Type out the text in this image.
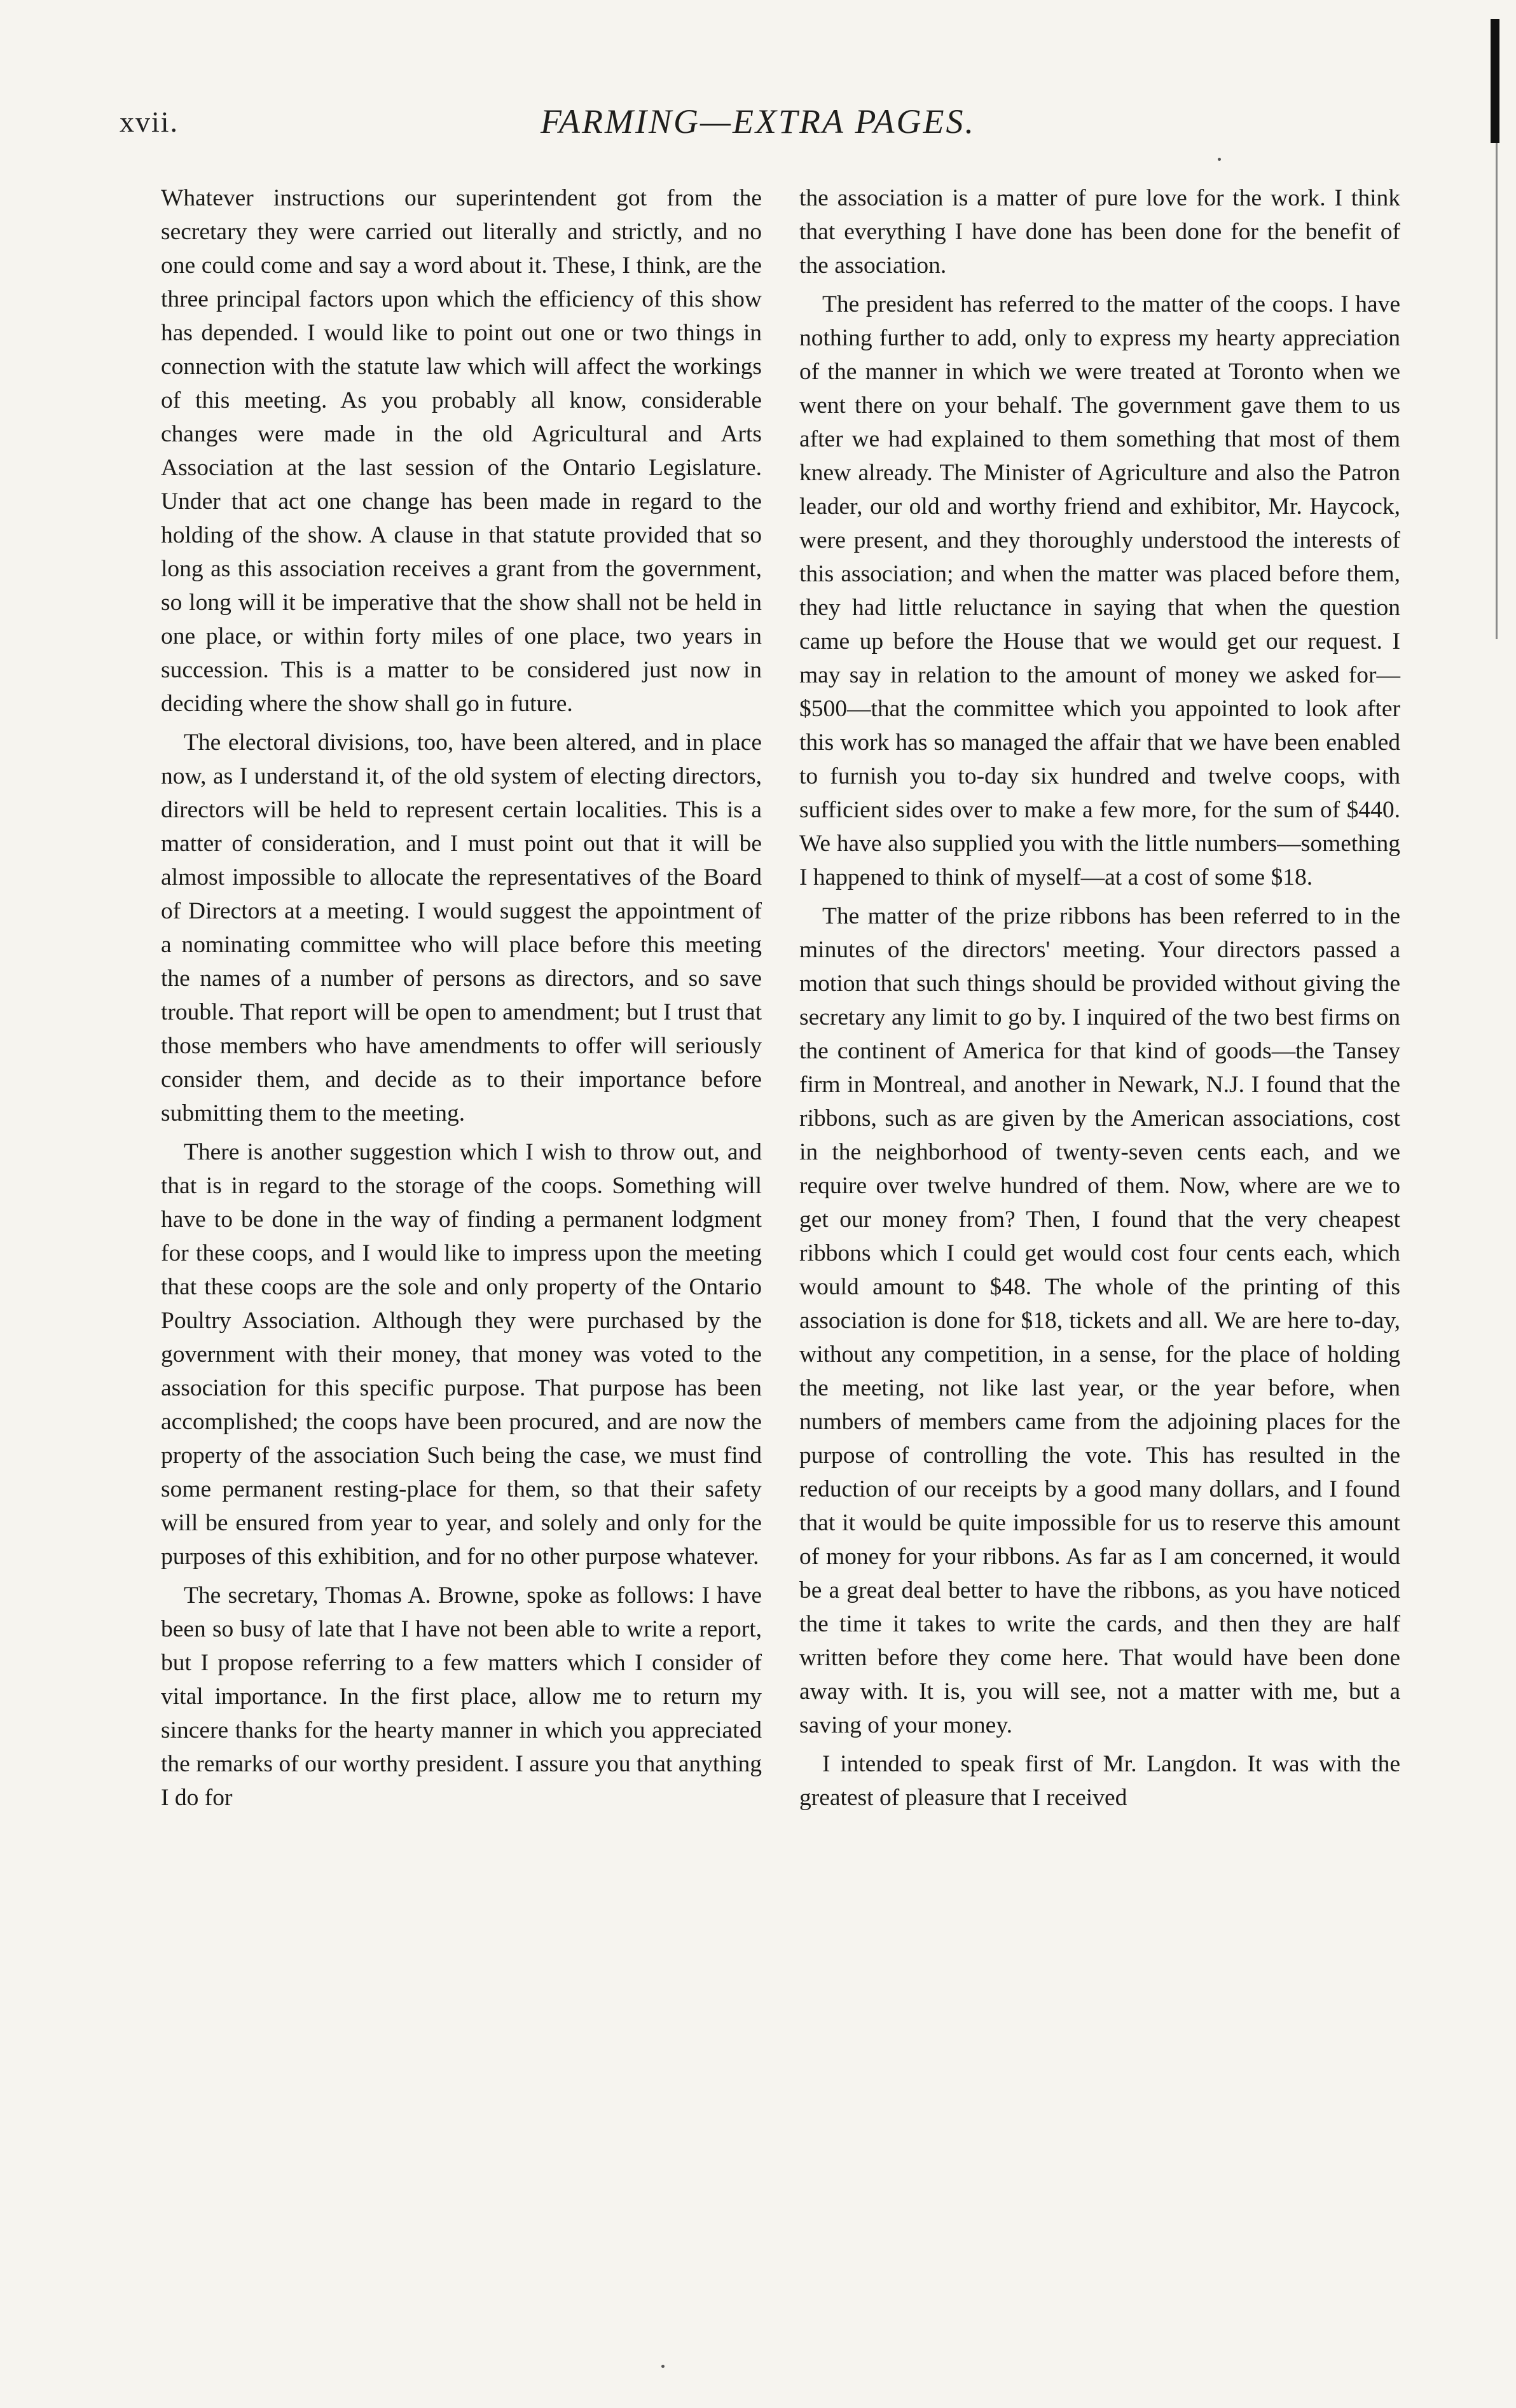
xvii.	FARMING—EXTRA PAGES.

Whatever instructions our superintendent got from the secretary they were carried out literally and strictly, and no one could come and say a word about it. These, I think, are the three principal factors upon which the efficiency of this show has depended. I would like to point out one or two things in connection with the statute law which will affect the workings of this meeting. As you probably all know, considerable changes were made in the old Agricultural and Arts Association at the last session of the Ontario Legislature. Under that act one change has been made in regard to the holding of the show. A clause in that statute provided that so long as this association receives a grant from the government, so long will it be imperative that the show shall not be held in one place, or within forty miles of one place, two years in succession. This is a matter to be considered just now in deciding where the show shall go in future.

The electoral divisions, too, have been altered, and in place now, as I understand it, of the old system of electing directors, directors will be held to represent certain localities. This is a matter of consideration, and I must point out that it will be almost impossible to allocate the representatives of the Board of Directors at a meeting. I would suggest the appointment of a nominating committee who will place before this meeting the names of a number of persons as directors, and so save trouble. That report will be open to amendment; but I trust that those members who have amendments to offer will seriously consider them, and decide as to their importance before submitting them to the meeting.

There is another suggestion which I wish to throw out, and that is in regard to the storage of the coops. Something will have to be done in the way of finding a permanent lodgment for these coops, and I would like to impress upon the meeting that these coops are the sole and only property of the Ontario Poultry Association. Although they were purchased by the government with their money, that money was voted to the association for this specific purpose. That purpose has been accomplished; the coops have been procured, and are now the property of the association Such being the case, we must find some permanent resting-place for them, so that their safety will be ensured from year to year, and solely and only for the purposes of this exhibition, and for no other purpose whatever.

The secretary, Thomas A. Browne, spoke as follows: I have been so busy of late that I have not been able to write a report, but I propose referring to a few matters which I consider of vital importance. In the first place, allow me to return my sincere thanks for the hearty manner in which you appreciated the remarks of our worthy president. I assure you that anything I do for

the association is a matter of pure love for the work. I think that everything I have done has been done for the benefit of the association.

The president has referred to the matter of the coops. I have nothing further to add, only to express my hearty appreciation of the manner in which we were treated at Toronto when we went there on your behalf. The government gave them to us after we had explained to them something that most of them knew already. The Minister of Agriculture and also the Patron leader, our old and worthy friend and exhibitor, Mr. Haycock, were present, and they thoroughly understood the interests of this association; and when the matter was placed before them, they had little reluctance in saying that when the question came up before the House that we would get our request. I may say in relation to the amount of money we asked for—$500—that the committee which you appointed to look after this work has so managed the affair that we have been enabled to furnish you to-day six hundred and twelve coops, with sufficient sides over to make a few more, for the sum of $440. We have also supplied you with the little numbers—something I happened to think of myself—at a cost of some $18.

The matter of the prize ribbons has been referred to in the minutes of the directors' meeting. Your directors passed a motion that such things should be provided without giving the secretary any limit to go by. I inquired of the two best firms on the continent of America for that kind of goods—the Tansey firm in Montreal, and another in Newark, N.J. I found that the ribbons, such as are given by the American associations, cost in the neighborhood of twenty-seven cents each, and we require over twelve hundred of them. Now, where are we to get our money from? Then, I found that the very cheapest ribbons which I could get would cost four cents each, which would amount to $48. The whole of the printing of this association is done for $18, tickets and all. We are here to-day, without any competition, in a sense, for the place of holding the meeting, not like last year, or the year before, when numbers of members came from the adjoining places for the purpose of controlling the vote. This has resulted in the reduction of our receipts by a good many dollars, and I found that it would be quite impossible for us to reserve this amount of money for your ribbons. As far as I am concerned, it would be a great deal better to have the ribbons, as you have noticed the time it takes to write the cards, and then they are half written before they come here. That would have been done away with. It is, you will see, not a matter with me, but a saving of your money.

I intended to speak first of Mr. Langdon. It was with the greatest of pleasure that I received
